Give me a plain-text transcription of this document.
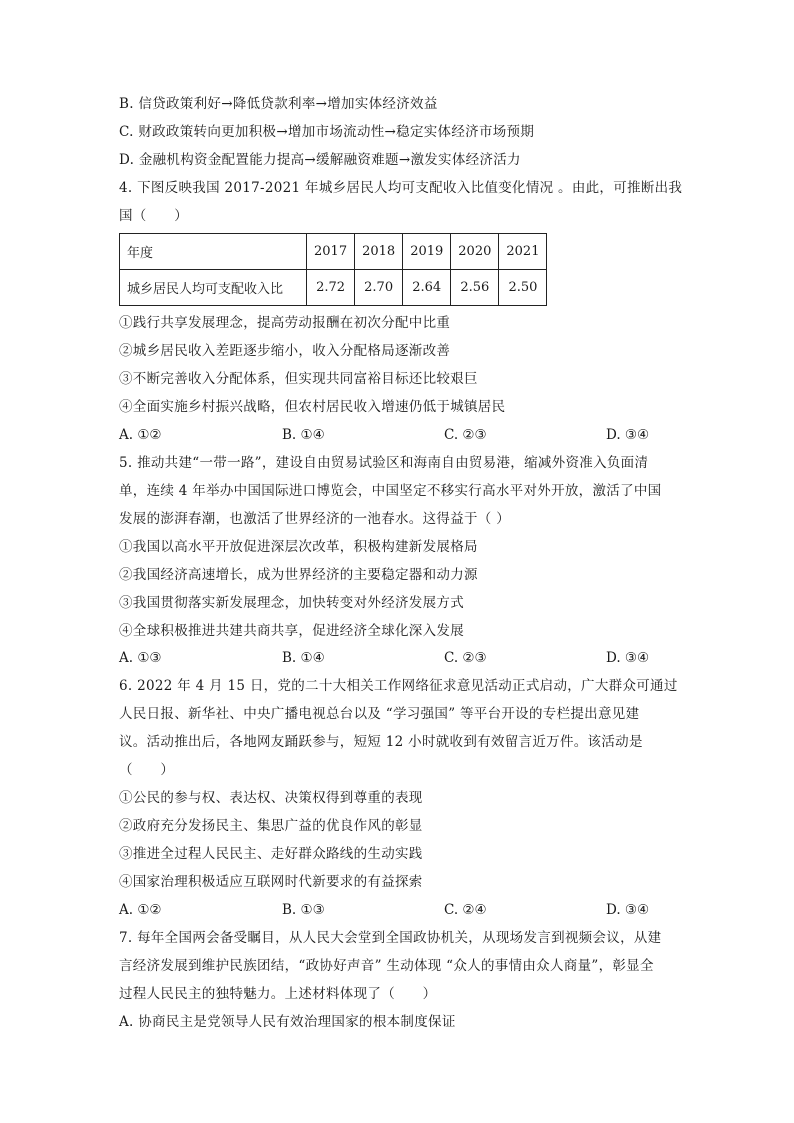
B. 信贷政策利好→降低贷款利率→增加实体经济效益
C. 财政政策转向更加积极→增加市场流动性→稳定实体经济市场预期
D. 金融机构资金配置能力提高→缓解融资难题→激发实体经济活力
4. 下图反映我国 2017-2021 年城乡居民人均可支配收入比值变化情况 。由此，可推断出我
国（　　）
年度	2017	2018	2019	2020	2021
城乡居民人均可支配收入比	2.72	2.70	2.64	2.56	2.50
①践行共享发展理念，提高劳动报酬在初次分配中比重
②城乡居民收入差距逐步缩小，收入分配格局逐渐改善
③不断完善收入分配体系，但实现共同富裕目标还比较艰巨
④全面实施乡村振兴战略，但农村居民收入增速仍低于城镇居民
A. ①②	B. ①④	C. ②③	D. ③④
5. 推动共建“一带一路”，建设自由贸易试验区和海南自由贸易港，缩减外资准入负面清
单，连续 4 年举办中国国际进口博览会，中国坚定不移实行高水平对外开放，激活了中国
发展的澎湃春潮，也激活了世界经济的一池春水。这得益于（ ）
①我国以高水平开放促进深层次改革，积极构建新发展格局
②我国经济高速增长，成为世界经济的主要稳定器和动力源
③我国贯彻落实新发展理念，加快转变对外经济发展方式
④全球积极推进共建共商共享，促进经济全球化深入发展
A. ①③	B. ①④	C. ②③	D. ③④
6. 2022 年 4 月 15 日，党的二十大相关工作网络征求意见活动正式启动，广大群众可通过
人民日报、新华社、中央广播电视总台以及 “学习强国” 等平台开设的专栏提出意见建
议。活动推出后，各地网友踊跃参与，短短 12 小时就收到有效留言近万件。该活动是
（　　）
①公民的参与权、表达权、决策权得到尊重的表现
②政府充分发扬民主、集思广益的优良作风的彰显
③推进全过程人民民主、走好群众路线的生动实践
④国家治理积极适应互联网时代新要求的有益探索
A. ①②	B. ①③	C. ②④	D. ③④
7. 每年全国两会备受瞩目，从人民大会堂到全国政协机关，从现场发言到视频会议，从建
言经济发展到维护民族团结，“政协好声音” 生动体现 “众人的事情由众人商量”，彰显全
过程人民民主的独特魅力。上述材料体现了（　　）
A. 协商民主是党领导人民有效治理国家的根本制度保证
